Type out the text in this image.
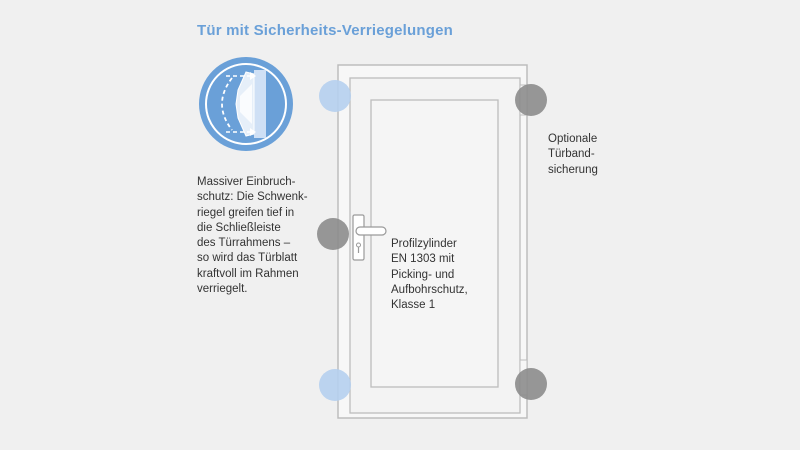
Tür mit Sicherheits-Verriegelungen
Massiver Einbruch-
schutz: Die Schwenk-
riegel greifen tief in
die Schließleiste
des Türrahmens –
so wird das Türblatt
kraftvoll im Rahmen
verriegelt.
Profilzylinder
EN 1303 mit
Picking- und
Aufbohrschutz,
Klasse 1
Optionale
Türband-
sicherung
